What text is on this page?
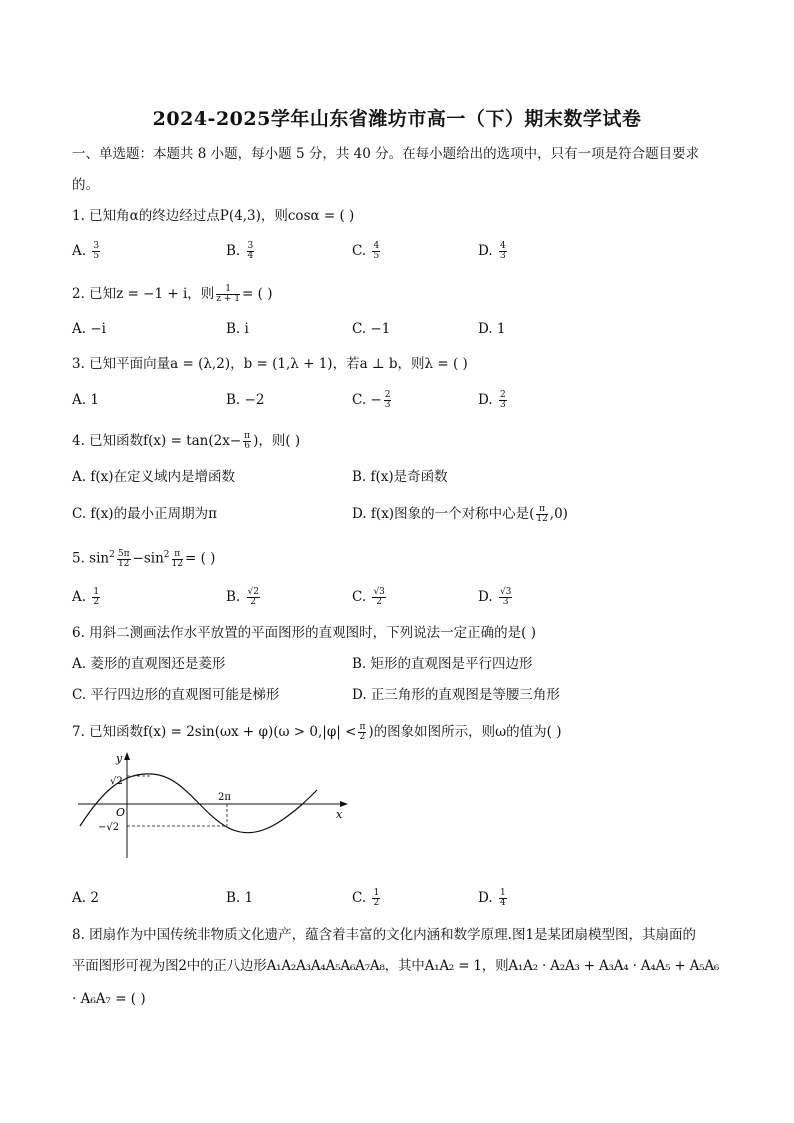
2024-2025学年山东省潍坊市高一（下）期末数学试卷
一、单选题：本题共 8 小题，每小题 5 分，共 40 分。在每小题给出的选项中，只有一项是符合题目要求
的。
1. 已知角α的终边经过点P(4,3)，则cosα = ( )
A. $\frac{3}{5}$	B. $\frac{3}{4}$	C. $\frac{4}{5}$	D. $\frac{4}{3}$
2. 已知z = −1 + i，则 $\frac{1}{z + 1}$ = ( )
A. −i	B. i	C. −1	D. 1
3. 已知平面向量a = (λ,2)，b = (1,λ + 1)，若a ⊥ b，则λ = ( )
A. 1	B. −2	C. − $\frac{2}{3}$	D. $\frac{2}{3}$
4. 已知函数$f(x) = \tan(2x- \frac{\pi}{6}$ )，则( )
A. f(x)在定义域内是增函数	B. f(x)是奇函数
C. f(x)的最小正周期为π	D. f(x)图象的一个对称中心是( $\frac{\pi}{12} ,0$)
5. $\sin^2 \frac{5\pi}{12} -\sin^2 \frac{\pi}{12}$ = ( )
A. $\frac{1}{2}$	B. $\frac{√2}{2}$	C. $\frac{√3}{2}$	D. $\frac{√3}{3}$
6. 用斜二测画法作水平放置的平面图形的直观图时，下列说法一定正确的是( )
A. 菱形的直观图还是菱形	B. 矩形的直观图是平行四边形
C. 平行四边形的直观图可能是梯形	D. 正三角形的直观图是等腰三角形
7. 已知函数$f(x) = 2\sin(\omega x + \varphi)(\omega > 0,|\varphi| < \frac{\pi}{2}$ )的图象如图所示，则ω的值为( )
y
x
O
√2
−√2
2π
A. 2	B. 1	C. $\frac{1}{2}$	D. $\frac{1}{4}$
8. 团扇作为中国传统非物质文化遗产，蕴含着丰富的文化内涵和数学原理.图1是某团扇模型图，其扇面的
平面图形可视为图2中的正八边形A₁A₂A₃A₄A₅A₆A₇A₈，其中A₁A₂ = 1，则A₁A₂ · A₂A₃ + A₃A₄ · A₄A₅ + A₅A₆
· A₆A₇ = ( )
